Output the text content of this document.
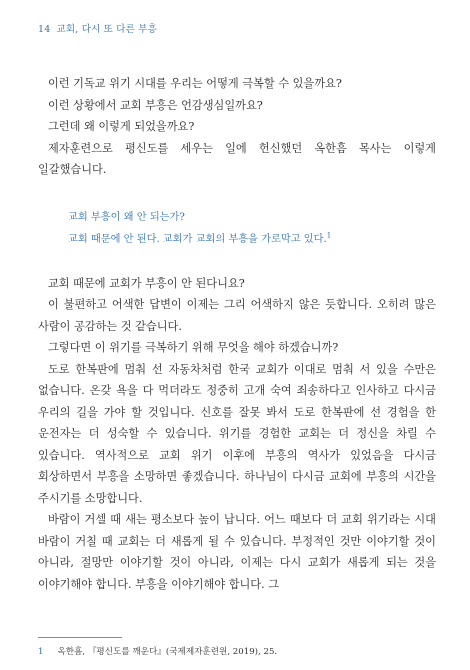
14 교회, 다시 또 다른 부흥

이런 기독교 위기 시대를 우리는 어떻게 극복할 수 있을까요?

이런 상황에서 교회 부흥은 언감생심일까요?

그런데 왜 이렇게 되었을까요?

제자훈련으로 평신도를 세우는 일에 헌신했던 옥한흠 목사는 이렇게 일갈했습니다.

교회 부흥이 왜 안 되는가?

교회 때문에 안 된다. 교회가 교회의 부흥을 가로막고 있다.$^1$

교회 때문에 교회가 부흥이 안 된다니요?

이 불편하고 어색한 답변이 이제는 그리 어색하지 않은 듯합니다. 오히려 많은 사람이 공감하는 것 같습니다.

그렇다면 이 위기를 극복하기 위해 무엇을 해야 하겠습니까?

도로 한복판에 멈춰 선 자동차처럼 한국 교회가 이대로 멈춰 서 있을 수만은 없습니다. 온갖 욕을 다 먹더라도 정중히 고개 숙여 죄송하다고 인사하고 다시금 우리의 길을 가야 할 것입니다. 신호를 잘못 봐서 도로 한복판에 선 경험을 한 운전자는 더 성숙할 수 있습니다. 위기를 경험한 교회는 더 정신을 차릴 수 있습니다. 역사적으로 교회 위기 이후에 부흥의 역사가 있었음을 다시금 회상하면서 부흥을 소망하면 좋겠습니다. 하나님이 다시금 교회에 부흥의 시간을 주시기를 소망합니다.

바람이 거셀 때 새는 평소보다 높이 납니다. 어느 때보다 더 교회 위기라는 시대 바람이 거칠 때 교회는 더 새롭게 될 수 있습니다. 부정적인 것만 이야기할 것이 아니라, 절망만 이야기할 것이 아니라, 이제는 다시 교회가 새롭게 되는 것을 이야기해야 합니다. 부흥을 이야기해야 합니다. 그

1 옥한흠, 『평신도를 깨운다』(국제제자훈련원, 2019), 25.
